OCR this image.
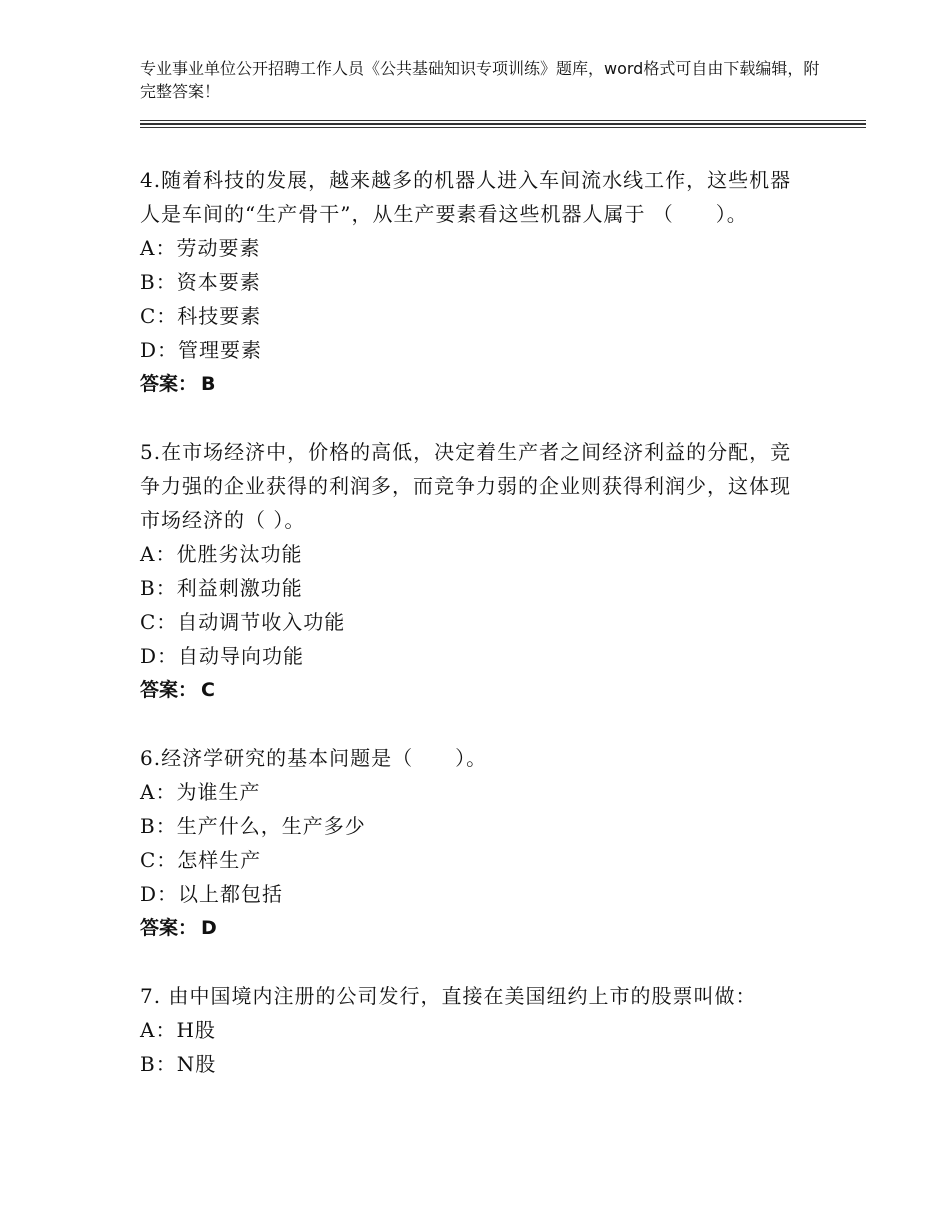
专业事业单位公开招聘工作人员《公共基础知识专项训练》题库，word格式可自由下载编辑，附完整答案！

4.随着科技的发展，越来越多的机器人进入车间流水线工作，这些机器人是车间的“生产骨干”，从生产要素看这些机器人属于 （　　）。

A：劳动要素
B：资本要素
C：科技要素
D：管理要素

答案： B

5.在市场经济中，价格的高低，决定着生产者之间经济利益的分配，竞争力强的企业获得的利润多，而竞争力弱的企业则获得利润少，这体现市场经济的（ ）。

A：优胜劣汰功能
B：利益刺激功能
C：自动调节收入功能
D：自动导向功能

答案： C

6.经济学研究的基本问题是（　　）。

A：为谁生产
B：生产什么，生产多少
C：怎样生产
D：以上都包括

答案： D

7. 由中国境内注册的公司发行，直接在美国纽约上市的股票叫做：

A：H股
B：N股
